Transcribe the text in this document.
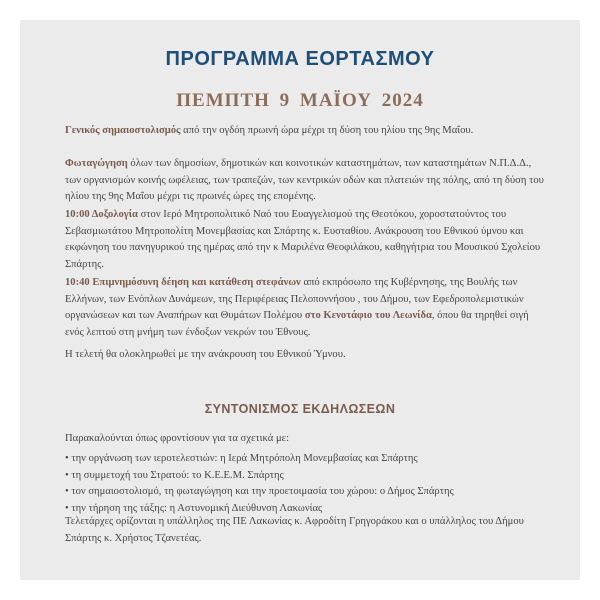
ΠΡΟΓΡΑΜΜΑ ΕΟΡΤΑΣΜΟΥ
ΠΕΜΠΤΗ 9 ΜΑΪΟΥ 2024
Γενικός σημαιοστολισμός από την ογδόη πρωινή ώρα μέχρι τη δύση του ηλίου της 9ης Μαΐου.
Φωταγώγηση όλων των δημοσίων, δημοτικών και κοινοτικών καταστημάτων, των καταστημάτων Ν.Π.Δ.Δ., των οργανισμών κοινής ωφέλειας, των τραπεζών, των κεντρικών οδών και πλατειών της πόλης, από τη δύση του ηλίου της 9ης Μαΐου μέχρι τις πρωινές ώρες της επομένης.
10:00 Δοξολογία στον Ιερό Μητροπολιτικό Ναό του Ευαγγελισμού της Θεοτόκου, χοροστατούντος του Σεβασμιωτάτου Μητροπολίτη Μονεμβασίας και Σπάρτης κ. Ευσταθίου. Ανάκρουση του Εθνικού ύμνου και εκφώνηση του πανηγυρικού της ημέρας από την κ Μαριλένα Θεοφιλάκου, καθηγήτρια του Μουσικού Σχολείου Σπάρτης.
10:40 Επιμνημόσυνη δέηση και κατάθεση στεφάνων από εκπρόσωπο της Κυβέρνησης, της Βουλής των Ελλήνων, των Ενόπλων Δυνάμεων, της Περιφέρειας Πελοποννήσου , του Δήμου, των Εφεδροπολεμιστικών οργανώσεων και των Αναπήρων και Θυμάτων Πολέμου στο Κενοτάφιο του Λεωνίδα, όπου θα τηρηθεί σιγή ενός λεπτού στη μνήμη των ένδοξων νεκρών του Έθνους.
Η τελετή θα ολοκληρωθεί με την ανάκρουση του Εθνικού Ύμνου.
ΣΥΝΤΟΝΙΣΜΟΣ ΕΚΔΗΛΩΣΕΩΝ
Παρακαλούνται όπως φροντίσουν για τα σχετικά με:
• την οργάνωση των ιεροτελεστιών: η Ιερά Μητρόπολη Μονεμβασίας και Σπάρτης
• τη συμμετοχή του Στρατού: το Κ.Ε.Ε.Μ. Σπάρτης
• τον σημαιοστολισμό, τη φωταγώγηση και την προετοιμασία του χώρου: ο Δήμος Σπάρτης
• την τήρηση της τάξης: η Αστυνομική Διεύθυνση Λακωνίας
Τελετάρχες ορίζονται η υπάλληλος της ΠΕ Λακωνίας κ. Αφροδίτη Γρηγοράκου και ο υπάλληλος του Δήμου Σπάρτης κ. Χρήστος Τζανετέας.
